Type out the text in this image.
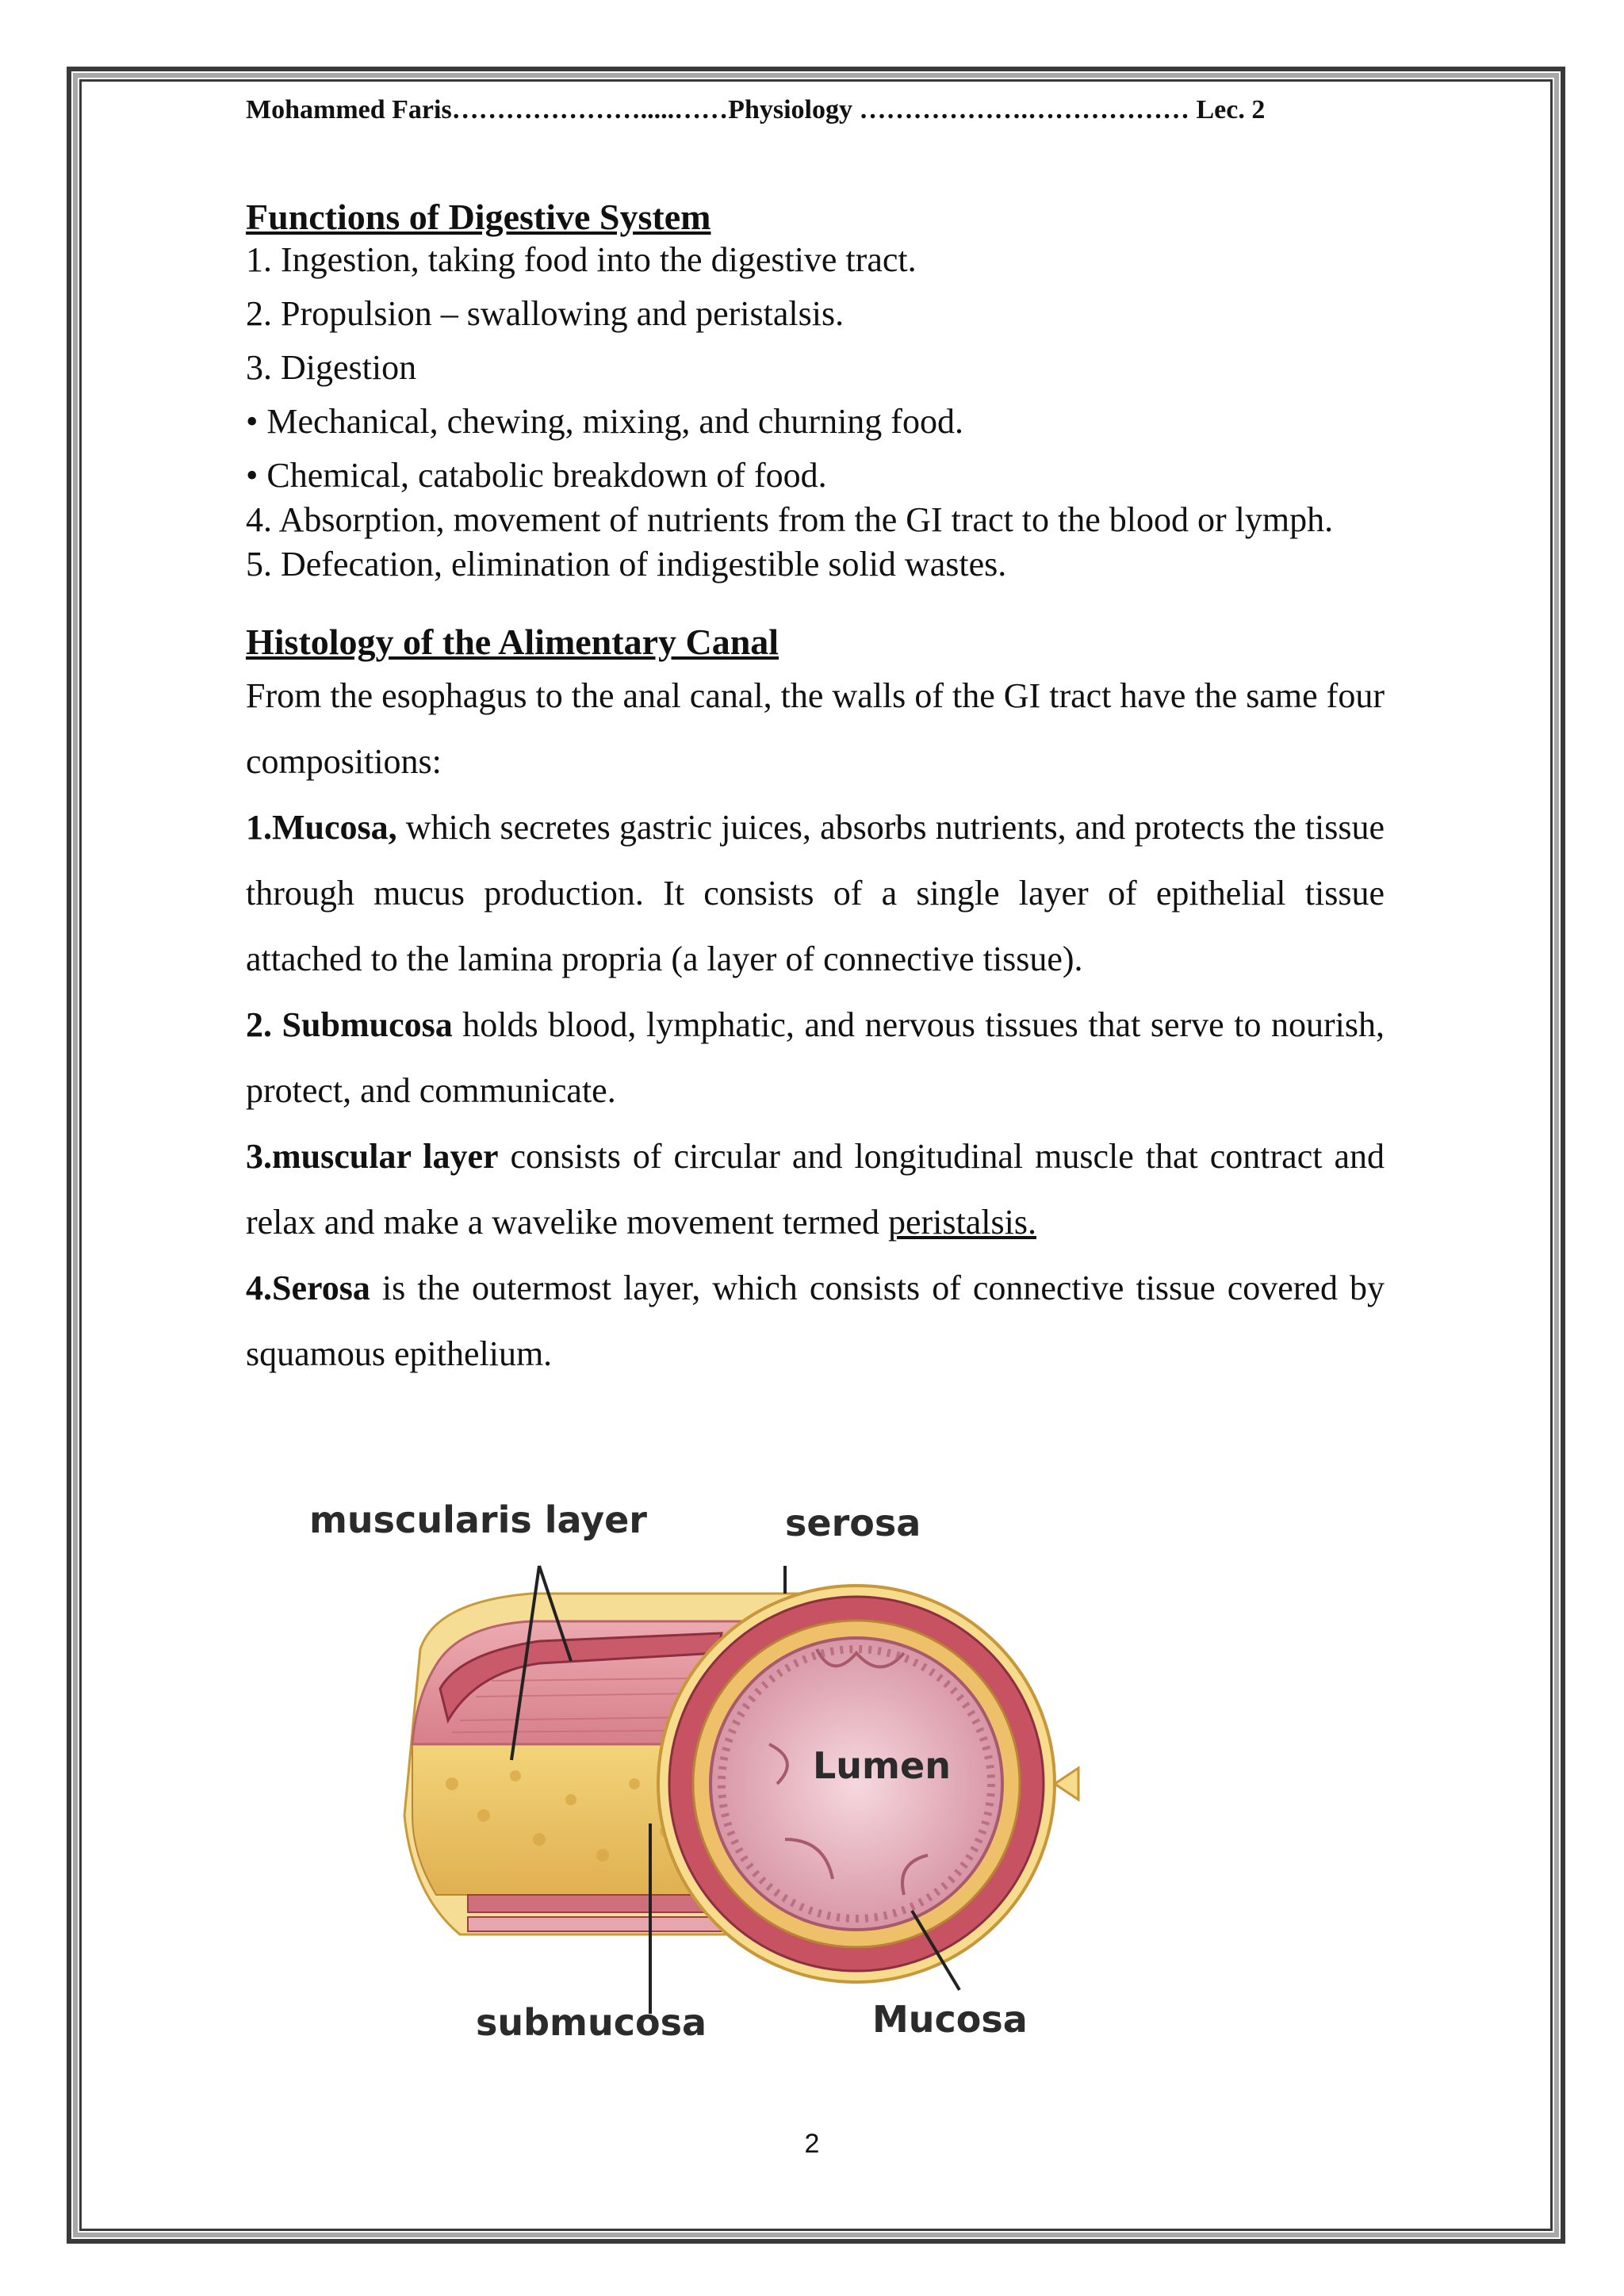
Mohammed Faris………………….....……Physiology ……………….……………… Lec. 2
Functions of Digestive System

1. Ingestion, taking food into the digestive tract.

2. Propulsion – swallowing and peristalsis.

3. Digestion

• Mechanical, chewing, mixing, and churning food.

• Chemical, catabolic breakdown of food.

4. Absorption, movement of nutrients from the GI tract to the blood or lymph.

5. Defecation, elimination of indigestible solid wastes.

Histology of the Alimentary Canal

From the esophagus to the anal canal, the walls of the GI tract have the same four compositions:

1.Mucosa, which secretes gastric juices, absorbs nutrients, and protects the tissue through mucus production. It consists of a single layer of epithelial tissue attached to the lamina propria (a layer of connective tissue).

2. Submucosa holds blood, lymphatic, and nervous tissues that serve to nourish, protect, and communicate.

3.muscular layer consists of circular and longitudinal muscle that contract and relax and make a wavelike movement termed peristalsis.

4.Serosa is the outermost layer, which consists of connective tissue covered by squamous epithelium.

muscularis layer	serosa
Lumen
submucosa	Mucosa
2
